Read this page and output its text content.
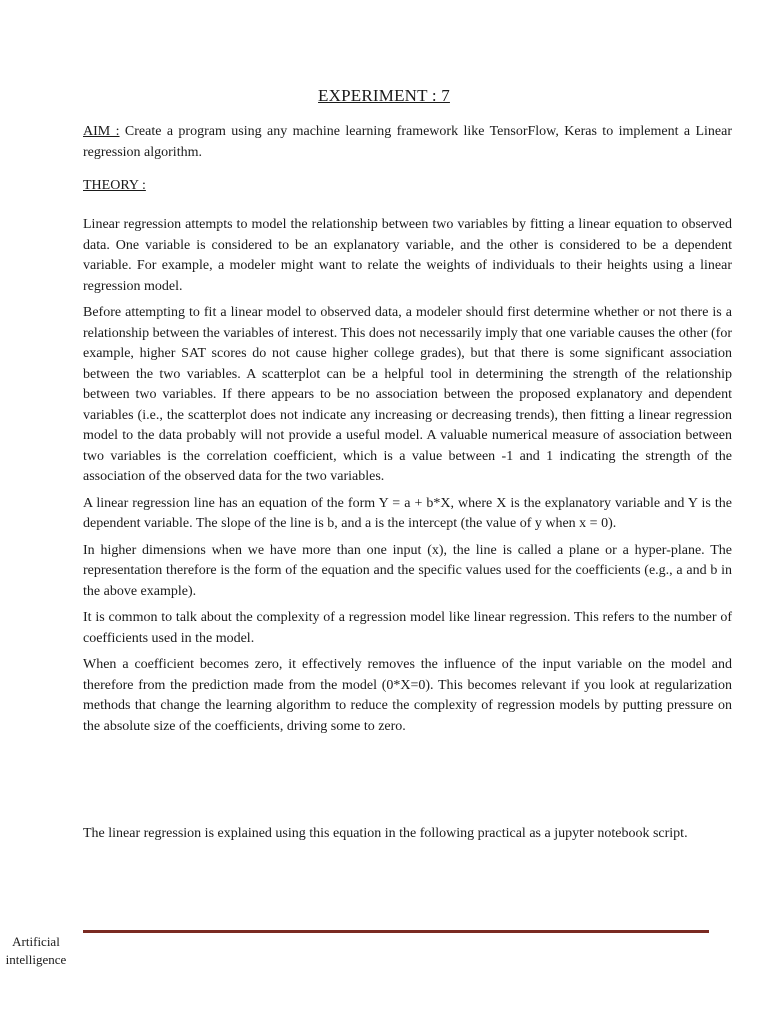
EXPERIMENT : 7
AIM : Create a program using any machine learning framework like TensorFlow, Keras to implement a Linear regression algorithm.
THEORY :

Linear regression attempts to model the relationship between two variables by fitting a linear equation to observed data. One variable is considered to be an explanatory variable, and the other is considered to be a dependent variable. For example, a modeler might want to relate the weights of individuals to their heights using a linear regression model.

Before attempting to fit a linear model to observed data, a modeler should first determine whether or not there is a relationship between the variables of interest. This does not necessarily imply that one variable causes the other (for example, higher SAT scores do not cause higher college grades), but that there is some significant association between the two variables. A scatterplot can be a helpful tool in determining the strength of the relationship between two variables. If there appears to be no association between the proposed explanatory and dependent variables (i.e., the scatterplot does not indicate any increasing or decreasing trends), then fitting a linear regression model to the data probably will not provide a useful model. A valuable numerical measure of association between two variables is the correlation coefficient, which is a value between -1 and 1 indicating the strength of the association of the observed data for the two variables.

A linear regression line has an equation of the form Y = a + b*X, where X is the explanatory variable and Y is the dependent variable. The slope of the line is b, and a is the intercept (the value of y when x = 0).

In higher dimensions when we have more than one input (x), the line is called a plane or a hyper-plane. The representation therefore is the form of the equation and the specific values used for the coefficients (e.g., a and b in the above example).

It is common to talk about the complexity of a regression model like linear regression. This refers to the number of coefficients used in the model.

When a coefficient becomes zero, it effectively removes the influence of the input variable on the model and therefore from the prediction made from the model (0*X=0). This becomes relevant if you look at regularization methods that change the learning algorithm to reduce the complexity of regression models by putting pressure on the absolute size of the coefficients, driving some to zero.

The linear regression is explained using this equation in the following practical as a jupyter notebook script.
Artificial
intelligence
